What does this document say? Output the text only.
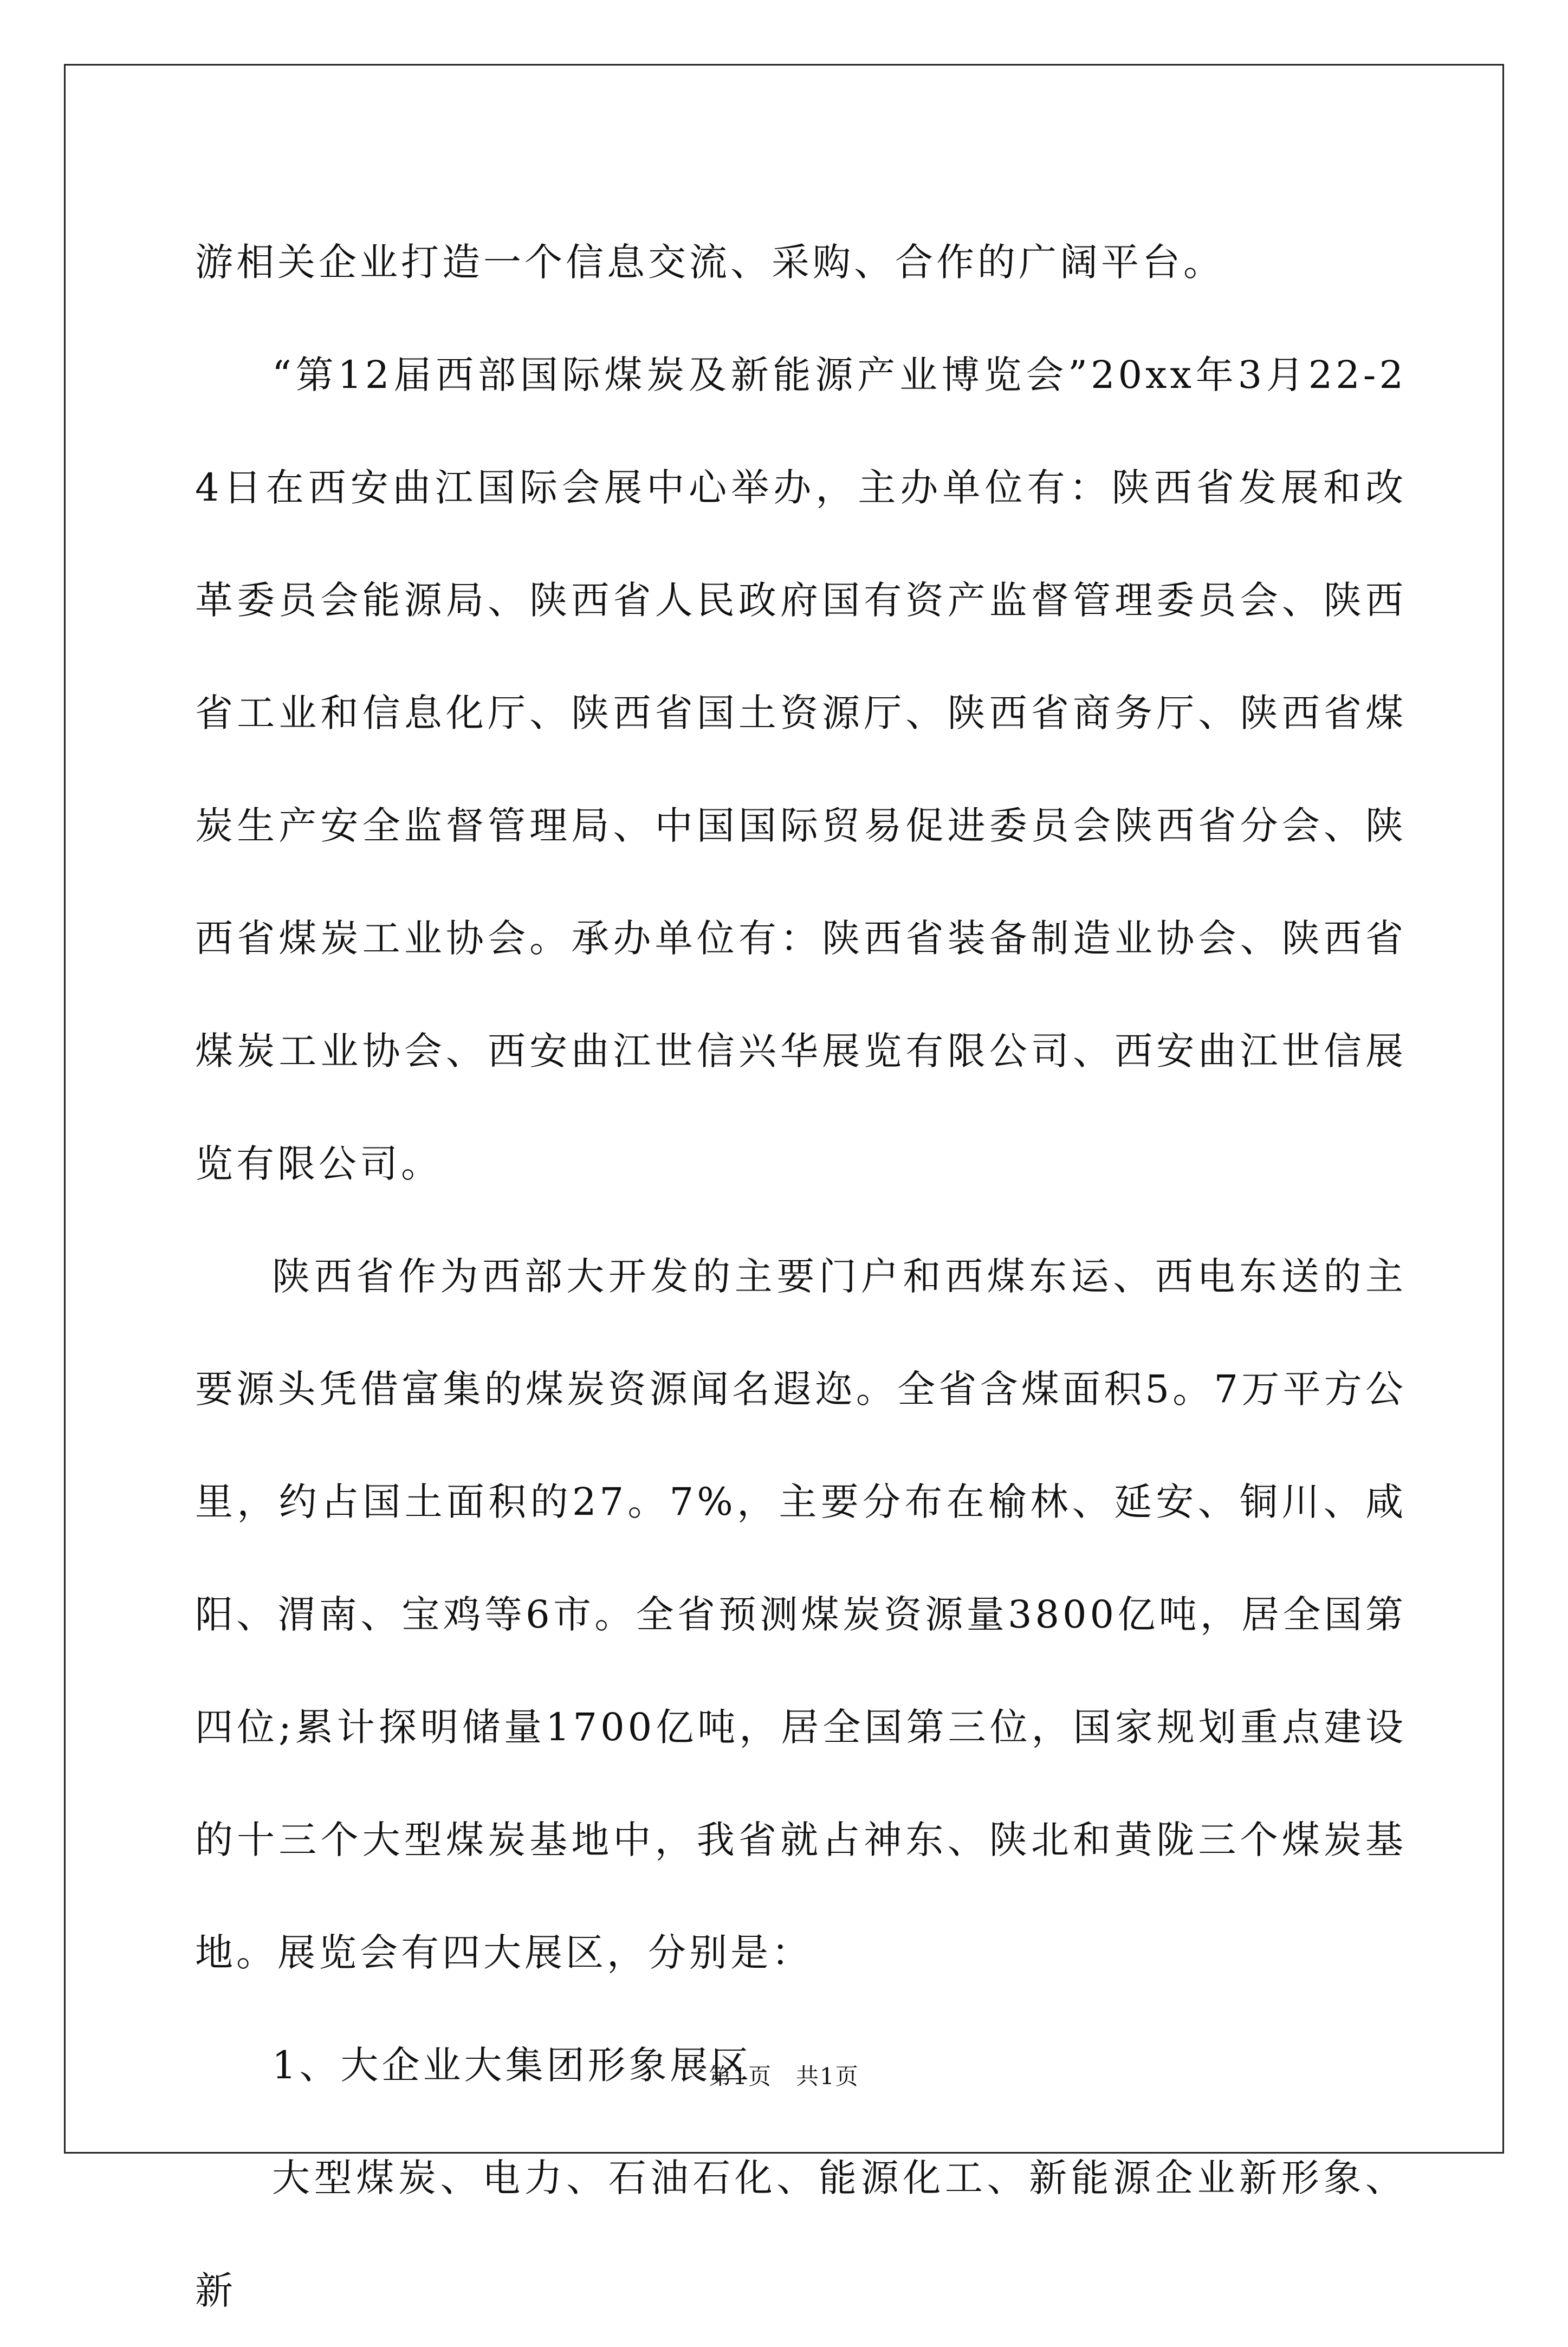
游相关企业打造一个信息交流、采购、合作的广阔平台。

“第12届西部国际煤炭及新能源产业博览会”20xx年3月22-24日在西安曲江国际会展中心举办，主办单位有：陕西省发展和改革委员会能源局、陕西省人民政府国有资产监督管理委员会、陕西省工业和信息化厅、陕西省国土资源厅、陕西省商务厅、陕西省煤炭生产安全监督管理局、中国国际贸易促进委员会陕西省分会、陕西省煤炭工业协会。承办单位有：陕西省装备制造业协会、陕西省煤炭工业协会、西安曲江世信兴华展览有限公司、西安曲江世信展览有限公司。

陕西省作为西部大开发的主要门户和西煤东运、西电东送的主要源头凭借富集的煤炭资源闻名遐迩。全省含煤面积5。7万平方公里，约占国土面积的27。7%，主要分布在榆林、延安、铜川、咸阳、渭南、宝鸡等6市。全省预测煤炭资源量3800亿吨，居全国第四位;累计探明储量1700亿吨，居全国第三位，国家规划重点建设的十三个大型煤炭基地中，我省就占神东、陕北和黄陇三个煤炭基地。展览会有四大展区，分别是：

1、大企业大集团形象展区

大型煤炭、电力、石油石化、能源化工、新能源企业新形象、新

第1页　共1页
